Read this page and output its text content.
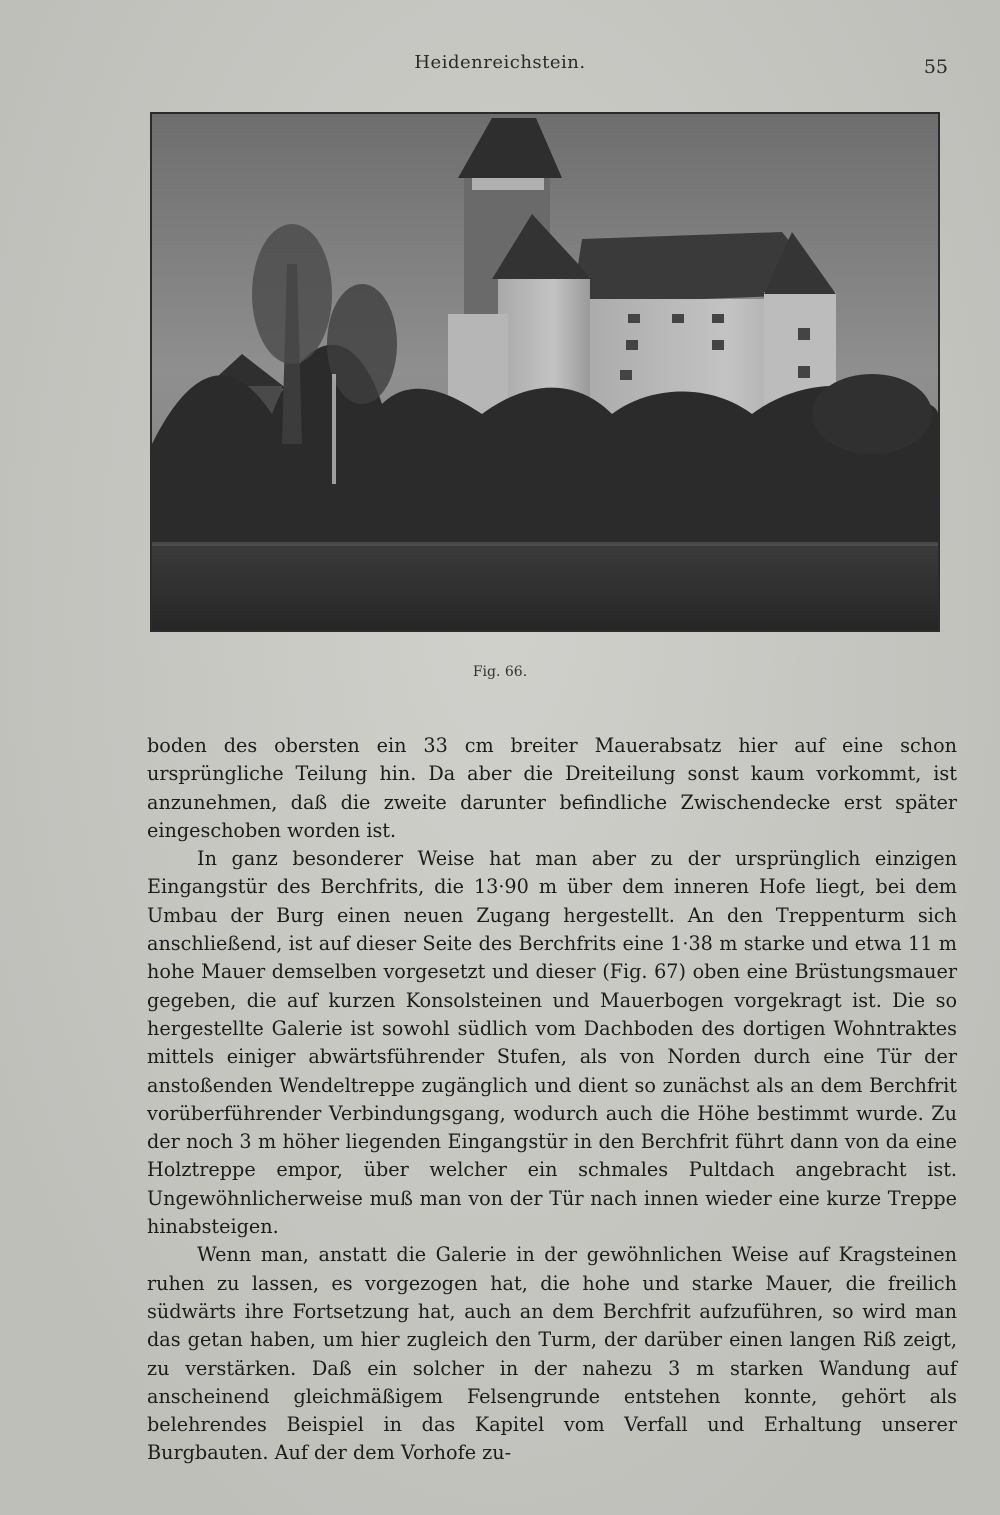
Heidenreichstein.	55
Fig. 66.

boden des obersten ein 33 cm breiter Mauerabsatz hier auf eine schon ursprüngliche Teilung hin. Da aber die Dreiteilung sonst kaum vorkommt, ist anzunehmen, daß die zweite darunter befindliche Zwischendecke erst später eingeschoben worden ist.

In ganz besonderer Weise hat man aber zu der ursprünglich einzigen Eingangstür des Berchfrits, die 13·90 m über dem inneren Hofe liegt, bei dem Umbau der Burg einen neuen Zugang hergestellt. An den Treppenturm sich anschließend, ist auf dieser Seite des Berchfrits eine 1·38 m starke und etwa 11 m hohe Mauer demselben vorgesetzt und dieser (Fig. 67) oben eine Brüstungsmauer gegeben, die auf kurzen Konsolsteinen und Mauerbogen vorgekragt ist. Die so hergestellte Galerie ist sowohl südlich vom Dachboden des dortigen Wohntraktes mittels einiger abwärtsführender Stufen, als von Norden durch eine Tür der anstoßenden Wendeltreppe zugänglich und dient so zunächst als an dem Berchfrit vorüberführender Verbindungsgang, wodurch auch die Höhe bestimmt wurde. Zu der noch 3 m höher liegenden Eingangstür in den Berchfrit führt dann von da eine Holztreppe empor, über welcher ein schmales Pultdach angebracht ist. Ungewöhnlicherweise muß man von der Tür nach innen wieder eine kurze Treppe hinabsteigen.

Wenn man, anstatt die Galerie in der gewöhnlichen Weise auf Kragsteinen ruhen zu lassen, es vorgezogen hat, die hohe und starke Mauer, die freilich südwärts ihre Fortsetzung hat, auch an dem Berchfrit aufzuführen, so wird man das getan haben, um hier zugleich den Turm, der darüber einen langen Riß zeigt, zu verstärken. Daß ein solcher in der nahezu 3 m starken Wandung auf anscheinend gleichmäßigem Felsengrunde entstehen konnte, gehört als belehrendes Beispiel in das Kapitel vom Verfall und Erhaltung unserer Burgbauten. Auf der dem Vorhofe zu-
